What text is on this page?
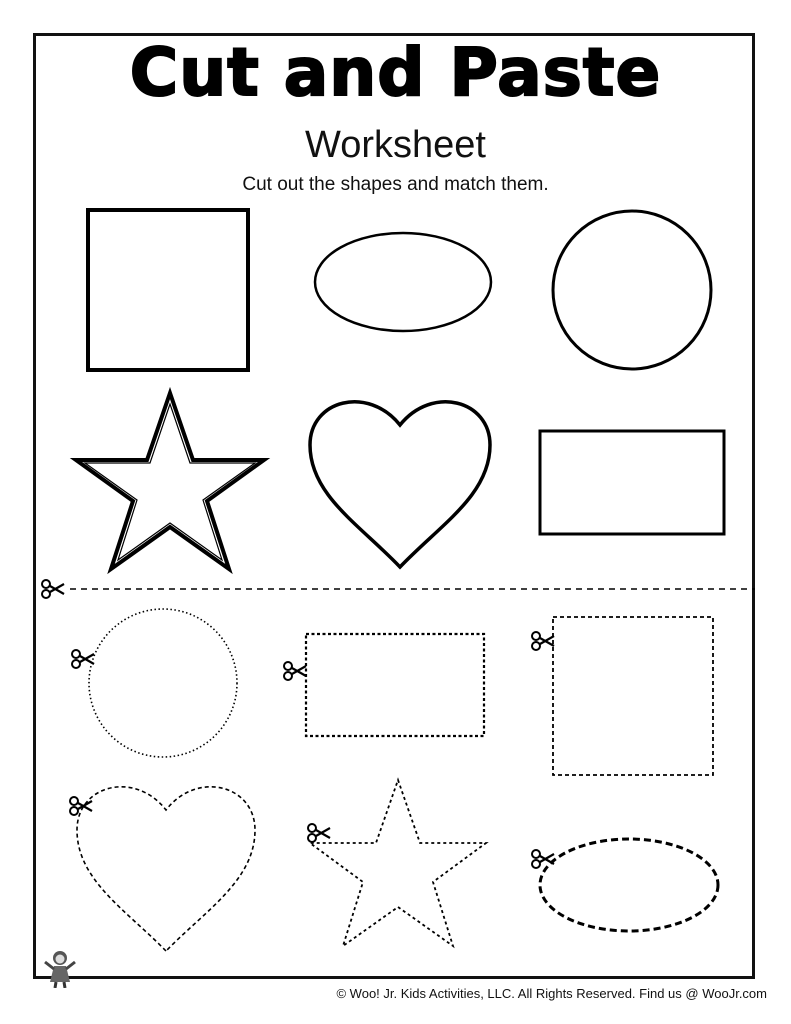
Cut and Paste
Worksheet
Cut out the shapes and match them.
© Woo! Jr. Kids Activities, LLC. All Rights Reserved. Find us @ WooJr.com
